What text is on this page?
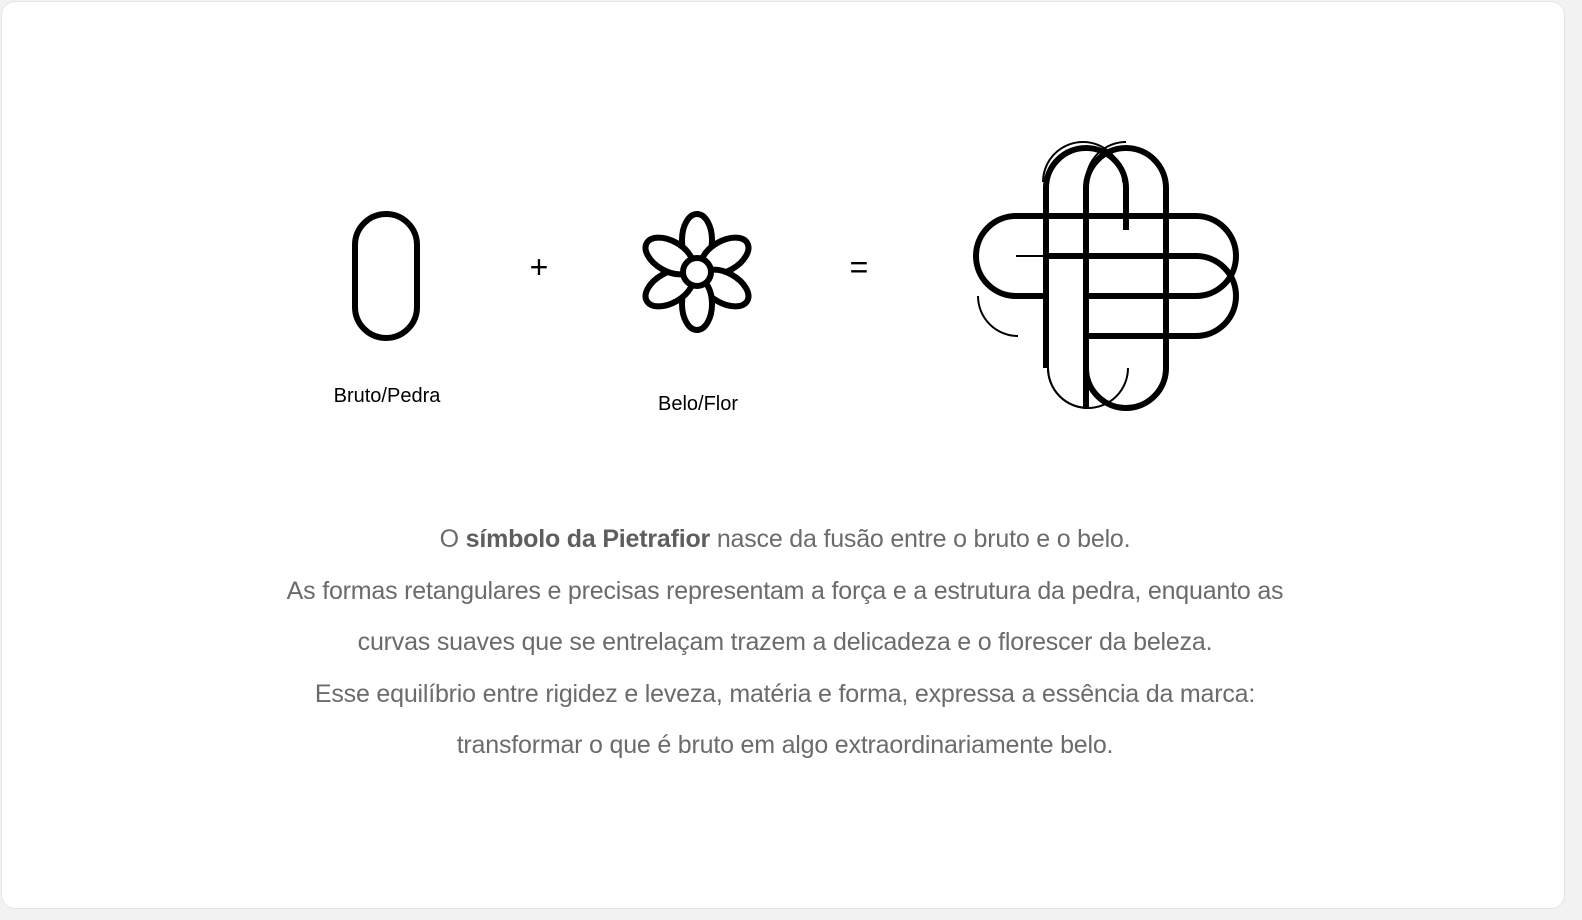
Bruto/Pedra
+
Belo/Flor
=
O símbolo da Pietrafior nasce da fusão entre o bruto e o belo.
As formas retangulares e precisas representam a força e a estrutura da pedra, enquanto as
curvas suaves que se entrelaçam trazem a delicadeza e o florescer da beleza.
Esse equilíbrio entre rigidez e leveza, matéria e forma, expressa a essência da marca:
transformar o que é bruto em algo extraordinariamente belo.
